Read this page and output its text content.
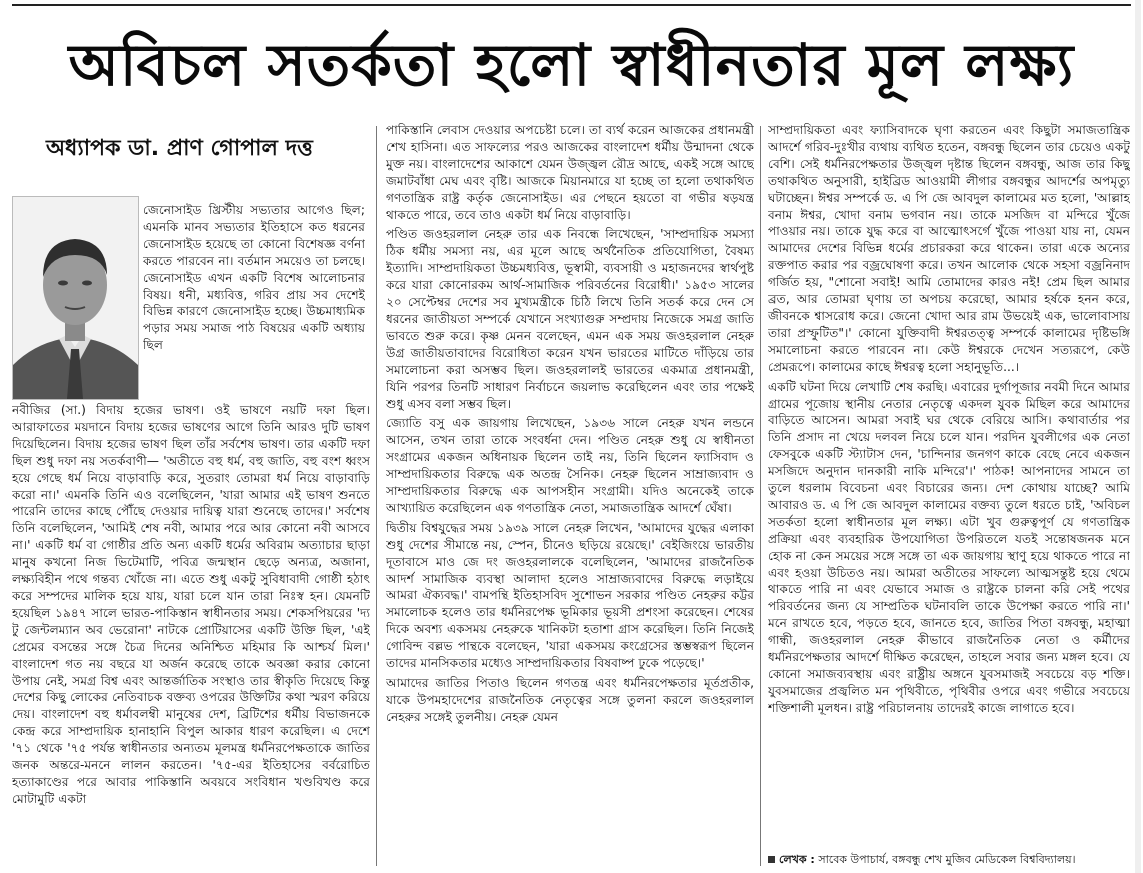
অবিচল সতর্কতা হলো স্বাধীনতার মূল লক্ষ্য
অধ্যাপক ডা. প্রাণ গোপাল দত্ত

জেনোসাইড খ্রিস্টীয় সভ্যতার আগেও ছিল; এমনকি মানব সভ্যতার ইতিহাসে কত ধরনের জেনোসাইড হয়েছে তা কোনো বিশেষজ্ঞ বর্ণনা করতে পারবেন না। বর্তমান সময়েও তা চলছে। জেনোসাইড এখন একটি বিশেষ আলোচনার বিষয়। ধনী, মধ্যবিত্ত, গরিব প্রায় সব দেশেই বিভিন্ন কারণে জেনোসাইড হচ্ছে। উচ্চমাধ্যমিক পড়ার সময় সমাজ পাঠ বিষয়ের একটি অধ্যায় ছিল

নবীজির (সা.) বিদায় হজের ভাষণ। ওই ভাষণে নয়টি দফা ছিল। আরাফাতের ময়দানে বিদায় হজের ভাষণের আগে তিনি আরও দুটি ভাষণ দিয়েছিলেন। বিদায় হজের ভাষণ ছিল তাঁর সর্বশেষ ভাষণ। তার একটি দফা ছিল শুধু দফা নয় সতর্কবাণী— 'অতীতে বহু ধর্ম, বহু জাতি, বহু বংশ ধ্বংস হয়ে গেছে ধর্ম নিয়ে বাড়াবাড়ি করে, সুতরাং তোমরা ধর্ম নিয়ে বাড়াবাড়ি করো না।' এমনকি তিনি এও বলেছিলেন, 'যারা আমার এই ভাষণ শুনতে পারেনি তাদের কাছে পৌঁছে দেওয়ার দায়িত্ব যারা শুনেছে তাদের।' সর্বশেষ তিনি বলেছিলেন, 'আমিই শেষ নবী, আমার পরে আর কোনো নবী আসবে না।' একটি ধর্ম বা গোষ্ঠীর প্রতি অন্য একটি ধর্মের অবিরাম অত্যাচার ছাড়া মানুষ কখনো নিজ ভিটেমাটি, পবিত্র জন্মস্থান ছেড়ে অন্যত্র, অজানা, লক্ষ্যবিহীন পথে গন্তব্য খোঁজে না। এতে শুধু একটু সুবিধাবাদী গোষ্ঠী হঠাৎ করে সম্পদের মালিক হয়ে যায়, যারা চলে যান তারা নিঃস্ব হন। যেমনটি হয়েছিল ১৯৪৭ সালে ভারত-পাকিস্তান স্বাধীনতার সময়। শেকসপিয়রের 'দ্য টু জেন্টলম্যান অব ভেরোনা' নাটকে প্রোটিয়াসের একটি উক্তি ছিল, 'এই প্রেমের বসন্তের সঙ্গে চৈত্র দিনের অনিশ্চিত মহিমার কি আশ্চর্য মিল।' বাংলাদেশ গত নয় বছরে যা অর্জন করেছে তাকে অবজ্ঞা করার কোনো উপায় নেই, সমগ্র বিশ্ব এবং আন্তর্জাতিক সংস্থাও তার স্বীকৃতি দিয়েছে কিন্তু দেশের কিছু লোকের নেতিবাচক বক্তব্য ওপরের উক্তিটির কথা স্মরণ করিয়ে দেয়। বাংলাদেশ বহু ধর্মাবলম্বী মানুষের দেশ, ব্রিটিশের ধর্মীয় বিভাজনকে কেন্দ্র করে সাম্প্রদায়িক হানাহানি বিপুল আকার ধারণ করেছিল। এ দেশে '৭১ থেকে '৭৫ পর্যন্ত স্বাধীনতার অন্যতম মূলমন্ত্র ধর্মনিরপেক্ষতাকে জাতির জনক অন্তরে-মননে লালন করতেন। '৭৫-এর ইতিহাসের বর্বরোচিত হত্যাকাণ্ডের পরে আবার পাকিস্তানি অবয়বে সংবিধান খণ্ডবিখণ্ড করে মোটামুটি একটা

পাকিস্তানি লেবাস দেওয়ার অপচেষ্টা চলে। তা ব্যর্থ করেন আজকের প্রধানমন্ত্রী শেখ হাসিনা। এত সাফল্যের পরও আজকের বাংলাদেশ ধর্মীয় উন্মাদনা থেকে মুক্ত নয়। বাংলাদেশের আকাশে যেমন উজ্জ্বল রৌদ্র আছে, একই সঙ্গে আছে জমাটবাঁধা মেঘ এবং বৃষ্টি। আজকে মিয়ানমারে যা হচ্ছে তা হলো তথাকথিত গণতান্ত্রিক রাষ্ট্র কর্তৃক জেনোসাইড। এর পেছনে হয়তো বা গভীর ষড়যন্ত্র থাকতে পারে, তবে তাও একটা ধর্ম নিয়ে বাড়াবাড়ি।

পণ্ডিত জওহরলাল নেহরু তার এক নিবন্ধে লিখেছেন, 'সাম্প্রদায়িক সমস্যা ঠিক ধর্মীয় সমস্যা নয়, এর মূলে আছে অর্থনৈতিক প্রতিযোগিতা, বৈষম্য ইত্যাদি। সাম্প্রদায়িকতা উচ্চমধ্যবিত্ত, ভূস্বামী, ব্যবসায়ী ও মহাজনদের স্বার্থপুষ্ট করে যারা কোনোরকম আর্থ-সামাজিক পরিবর্তনের বিরোধী।' ১৯৫৩ সালের ২০ সেপ্টেম্বর দেশের সব মুখ্যমন্ত্রীকে চিঠি লিখে তিনি সতর্ক করে দেন সে ধরনের জাতীয়তা সম্পর্কে যেখানে সংখ্যাগুরু সম্প্রদায় নিজেকে সমগ্র জাতি ভাবতে শুরু করে। কৃষ্ণ মেনন বলেছেন, এমন এক সময় জওহরলাল নেহরু উগ্র জাতীয়তাবাদের বিরোধিতা করেন যখন ভারতের মাটিতে দাঁড়িয়ে তার সমালোচনা করা অসম্ভব ছিল। জওহরলালই ভারতের একমাত্র প্রধানমন্ত্রী, যিনি পরপর তিনটি সাধারণ নির্বাচনে জয়লাভ করেছিলেন এবং তার পক্ষেই শুধু এসব বলা সম্ভব ছিল।

জ্যোতি বসু এক জায়গায় লিখেছেন, ১৯৩৬ সালে নেহরু যখন লন্ডনে আসেন, তখন তারা তাকে সংবর্ধনা দেন। পণ্ডিত নেহরু শুধু যে স্বাধীনতা সংগ্রামের একজন অধিনায়ক ছিলেন তাই নয়, তিনি ছিলেন ফ্যাসিবাদ ও সাম্প্রদায়িকতার বিরুদ্ধে এক অতন্দ্র সৈনিক। নেহরু ছিলেন সাম্রাজ্যবাদ ও সাম্প্রদায়িকতার বিরুদ্ধে এক আপসহীন সংগ্রামী। যদিও অনেকেই তাকে আখ্যায়িত করেছিলেন এক গণতান্ত্রিক নেতা, সমাজতান্ত্রিক আদর্শে ঘেঁষা।

দ্বিতীয় বিশ্বযুদ্ধের সময় ১৯৩৯ সালে নেহরু লিখেন, 'আমাদের যুদ্ধের এলাকা শুধু দেশের সীমান্তে নয়, স্পেন, চীনেও ছড়িয়ে রয়েছে।' বেইজিংয়ে ভারতীয় দূতাবাসে মাও জে দং জওহরলালকে বলেছিলেন, 'আমাদের রাজনৈতিক আদর্শ সামাজিক ব্যবস্থা আলাদা হলেও সাম্রাজ্যবাদের বিরুদ্ধে লড়াইয়ে আমরা ঐক্যবদ্ধ।' বামপন্থি ইতিহাসবিদ সুশোভন সরকার পণ্ডিত নেহরুর কট্টর সমালোচক হলেও তার ধর্মনিরপেক্ষ ভূমিকার ভূয়সী প্রশংসা করেছেন। শেষের দিকে অবশ্য একসময় নেহরুকে খানিকটা হতাশা গ্রাস করেছিল। তিনি নিজেই গোবিন্দ বল্লভ পান্থকে বলেছেন, 'যারা একসময় কংগ্রেসের স্তম্ভস্বরূপ ছিলেন তাদের মানসিকতার মধ্যেও সাম্প্রদায়িকতার বিষবাষ্প ঢুকে পড়েছে।'

আমাদের জাতির পিতাও ছিলেন গণতন্ত্র এবং ধর্মনিরপেক্ষতার মূর্তপ্রতীক, যাকে উপমহাদেশের রাজনৈতিক নেতৃত্বের সঙ্গে তুলনা করলে জওহরলাল নেহরুর সঙ্গেই তুলনীয়। নেহরু যেমন

সাম্প্রদায়িকতা এবং ফ্যাসিবাদকে ঘৃণা করতেন এবং কিছুটা সমাজতান্ত্রিক আদর্শে গরিব-দুঃখীর ব্যথায় ব্যথিত হতেন, বঙ্গবন্ধু ছিলেন তার চেয়েও একটু বেশি। সেই ধর্মনিরপেক্ষতার উজ্জ্বল দৃষ্টান্ত ছিলেন বঙ্গবন্ধু, আজ তার কিছু তথাকথিত অনুসারী, হাইব্রিড আওয়ামী লীগার বঙ্গবন্ধুর আদর্শের অপমৃত্যু ঘটাচ্ছেন। ঈশ্বর সম্পর্কে ড. এ পি জে আবদুল কালামের মত হলো, 'আল্লাহ বনাম ঈশ্বর, খোদা বনাম ভগবান নয়। তাকে মসজিদ বা মন্দিরে খুঁজে পাওয়ার নয়। তাকে যুদ্ধ করে বা আত্মোৎসর্গে খুঁজে পাওয়া যায় না, যেমন আমাদের দেশের বিভিন্ন ধর্মের প্রচারকরা করে থাকেন। তারা একে অন্যের রক্তপাত করার পর বজ্রঘোষণা করে। তখন আলোক থেকে সহসা বজ্রনিনাদ গর্জিত হয়, "শোনো সবাই! আমি তোমাদের কারও নই! প্রেম ছিল আমার ব্রত, আর তোমরা ঘৃণায় তা অপচয় করেছো, আমার হর্ষকে হনন করে, জীবনকে শ্বাসরোধ করে। জেনো খোদা আর রাম উভয়েই এক, ভালোবাসায় তারা প্রস্ফুটিত"।' কোনো যুক্তিবাদী ঈশ্বরতত্ত্ব সম্পর্কে কালামের দৃষ্টিভঙ্গি সমালোচনা করতে পারবেন না। কেউ ঈশ্বরকে দেখেন সত্যরূপে, কেউ প্রেমরূপে। কালামের কাছে ঈশ্বরত্ব হলো সহানুভূতি...।

একটি ঘটনা দিয়ে লেখাটি শেষ করছি। এবারের দুর্গাপূজার নবমী দিনে আমার গ্রামের পূজোয় স্থানীয় নেতার নেতৃত্বে একদল যুবক মিছিল করে আমাদের বাড়িতে আসেন। আমরা সবাই ঘর থেকে বেরিয়ে আসি। কথাবার্তার পর তিনি প্রসাদ না খেয়ে দলবল নিয়ে চলে যান। পরদিন যুবলীগের এক নেতা ফেসবুকে একটি স্ট্যাটাস দেন, 'চান্দিনার জনগণ কাকে বেছে নেবে একজন মসজিদে অনুদান দানকারী নাকি মন্দিরে'।' পাঠক! আপনাদের সামনে তা তুলে ধরলাম বিবেচনা এবং বিচারের জন্য। দেশ কোথায় যাচ্ছে? আমি আবারও ড. এ পি জে আবদুল কালামের বক্তব্য তুলে ধরতে চাই, 'অবিচল সতর্কতা হলো স্বাধীনতার মূল লক্ষ্য। এটা খুব গুরুত্বপূর্ণ যে গণতান্ত্রিক প্রক্রিয়া এবং ব্যবহারিক উপযোগিতা উপরিতলে যতই সন্তোষজনক মনে হোক না কেন সময়ের সঙ্গে সঙ্গে তা এক জায়গায় স্থাণু হয়ে থাকতে পারে না এবং হওয়া উচিতও নয়। আমরা অতীতের সাফল্যে আত্মসন্তুষ্ট হয়ে থেমে থাকতে পারি না এবং যেভাবে সমাজ ও রাষ্ট্রকে চালনা করি সেই পথের পরিবর্তনের জন্য যে সাম্প্রতিক ঘটনাবলি তাকে উপেক্ষা করতে পারি না।' মনে রাখতে হবে, পড়তে হবে, জানতে হবে, জাতির পিতা বঙ্গবন্ধু, মহাত্মা গান্ধী, জওহরলাল নেহরু কীভাবে রাজনৈতিক নেতা ও কর্মীদের ধর্মনিরপেক্ষতার আদর্শে দীক্ষিত করেছেন, তাহলে সবার জন্য মঙ্গল হবে। যে কোনো সমাজব্যবস্থায় এবং রাষ্ট্রীয় অঙ্গনে যুবসমাজই সবচেয়ে বড় শক্তি। যুবসমাজের প্রজ্বলিত মন পৃথিবীতে, পৃথিবীর ওপরে এবং গভীরে সবচেয়ে শক্তিশালী মূলধন। রাষ্ট্র পরিচালনায় তাদেরই কাজে লাগাতে হবে।

লেখক : সাবেক উপাচার্য, বঙ্গবন্ধু শেখ মুজিব মেডিকেল বিশ্ববিদ্যালয়।
